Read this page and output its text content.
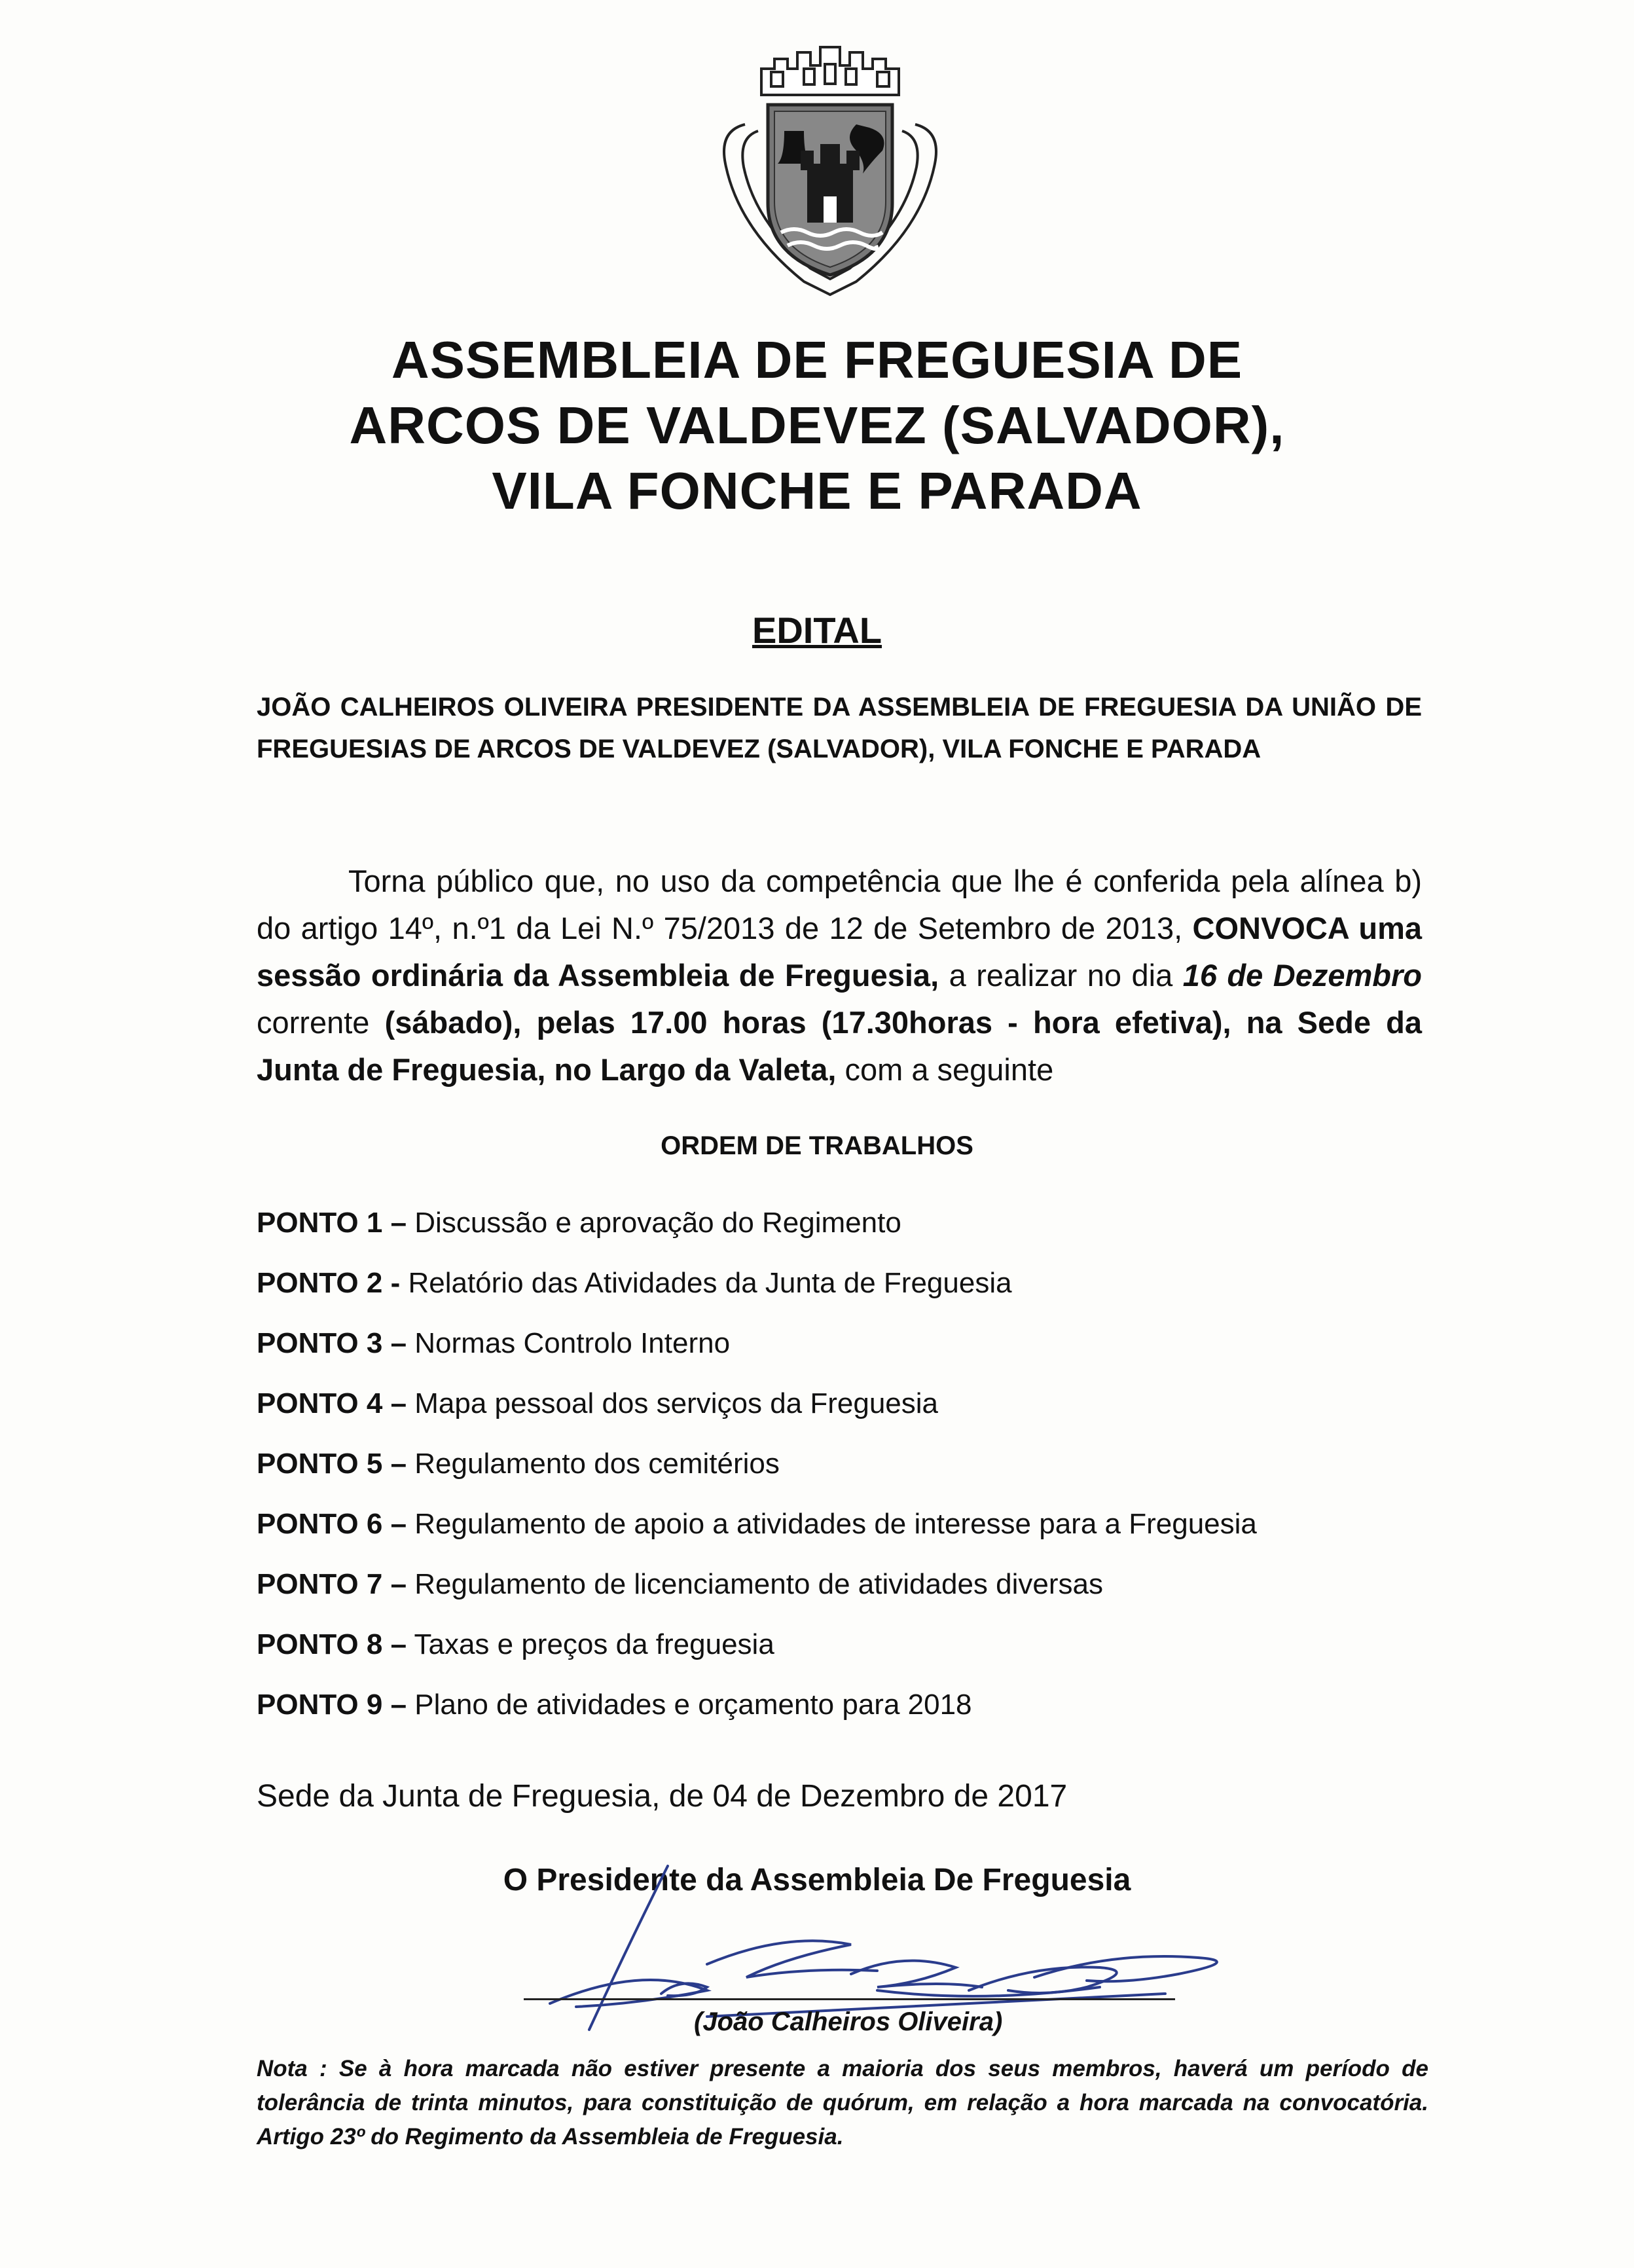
ASSEMBLEIA DE FREGUESIA DE
ARCOS DE VALDEVEZ (SALVADOR),
VILA FONCHE E PARADA
EDITAL
JOÃO CALHEIROS OLIVEIRA PRESIDENTE DA ASSEMBLEIA DE FREGUESIA DA UNIÃO DE FREGUESIAS DE ARCOS DE VALDEVEZ (SALVADOR), VILA FONCHE E PARADA
Torna público que, no uso da competência que lhe é conferida pela alínea b) do artigo 14º, n.º1 da Lei N.º 75/2013 de 12 de Setembro de 2013, CONVOCA uma sessão ordinária da Assembleia de Freguesia, a realizar no dia 16 de Dezembro corrente (sábado), pelas 17.00 horas (17.30horas - hora efetiva), na Sede da Junta de Freguesia, no Largo da Valeta, com a seguinte
ORDEM DE TRABALHOS
PONTO 1 – Discussão e aprovação do Regimento
PONTO 2 - Relatório das Atividades da Junta de Freguesia
PONTO 3 – Normas Controlo Interno
PONTO 4 – Mapa pessoal dos serviços da Freguesia
PONTO 5 – Regulamento dos cemitérios
PONTO 6 – Regulamento de apoio a atividades de interesse para a Freguesia
PONTO 7 – Regulamento de licenciamento de atividades diversas
PONTO 8 – Taxas e preços da freguesia
PONTO 9 – Plano de atividades e orçamento para 2018
Sede da Junta de Freguesia, de 04 de Dezembro de 2017
O Presidente da Assembleia De Freguesia
(João Calheiros Oliveira)
Nota : Se à hora marcada não estiver presente a maioria dos seus membros, haverá um período de tolerância de trinta minutos, para constituição de quórum, em relação a hora marcada na convocatória. Artigo 23º do Regimento da Assembleia de Freguesia.
